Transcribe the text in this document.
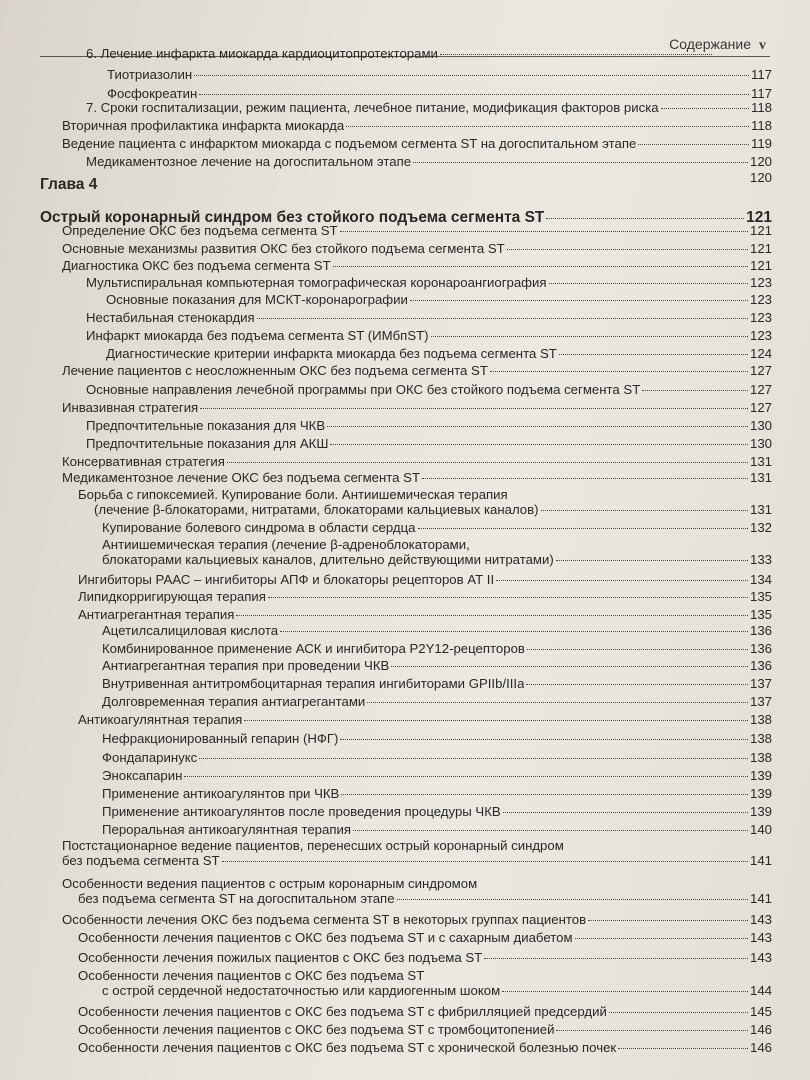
Содержание v
Глава 4
6. Лечение инфаркта миокарда кардиоцитопротекторами
Тиотриазолин	117
Фосфокреатин	117
7. Сроки госпитализации, режим пациента, лечебное питание, модификация факторов риска	118
Вторичная профилактика инфаркта миокарда	118
Ведение пациента с инфарктом миокарда с подъемом сегмента ST на догоспитальном этапе	119
Медикаментозное лечение на догоспитальном этапе	120
120
Острый коронарный синдром без стойкого подъема сегмента ST	121
Определение ОКС без подъема сегмента ST	121
Основные механизмы развития ОКС без стойкого подъема сегмента ST	121
Диагностика ОКС без подъема сегмента ST	121
Мультиспиральная компьютерная томографическая коронароангиография	123
Основные показания для МСКТ-коронарографии	123
Нестабильная стенокардия	123
Инфаркт миокарда без подъема сегмента ST (ИМбпST)	123
Диагностические критерии инфаркта миокарда без подъема сегмента ST	124
Лечение пациентов с неосложненным ОКС без подъема сегмента ST	127
Основные направления лечебной программы при ОКС без стойкого подъема сегмента ST	127
Инвазивная стратегия	127
Предпочтительные показания для ЧКВ	130
Предпочтительные показания для АКШ	130
Консервативная стратегия	131
Медикаментозное лечение ОКС без подъема сегмента ST	131
Борьба с гипоксемией. Купирование боли. Антиишемическая терапия
(лечение β-блокаторами, нитратами, блокаторами кальциевых каналов)	131
Купирование болевого синдрома в области сердца	132
Антиишемическая терапия (лечение β-адреноблокаторами,
блокаторами кальциевых каналов, длительно действующими нитратами)	133
Ингибиторы РААС – ингибиторы АПФ и блокаторы рецепторов АТ II	134
Липидкорригирующая терапия	135
Антиагрегантная терапия	135
Ацетилсалициловая кислота	136
Комбинированное применение АСК и ингибитора P2Y12-рецепторов	136
Антиагрегантная терапия при проведении ЧКВ	136
Внутривенная антитромбоцитарная терапия ингибиторами GPIIb/IIIa	137
Долговременная терапия антиагрегантами	137
Антикоагулянтная терапия	138
Нефракционированный гепарин (НФГ)	138
Фондапаринукс	138
Эноксапарин	139
Применение антикоагулянтов при ЧКВ	139
Применение антикоагулянтов после проведения процедуры ЧКВ	139
Пероральная антикоагулянтная терапия	140
Постстационарное ведение пациентов, перенесших острый коронарный синдром
без подъема сегмента ST	141
Особенности ведения пациентов с острым коронарным синдромом
без подъема сегмента ST на догоспитальном этапе	141
Особенности лечения ОКС без подъема сегмента ST в некоторых группах пациентов	143
Особенности лечения пациентов с ОКС без подъема ST и с сахарным диабетом	143
Особенности лечения пожилых пациентов с ОКС без подъема ST	143
Особенности лечения пациентов с ОКС без подъема ST
с острой сердечной недостаточностью или кардиогенным шоком	144
Особенности лечения пациентов с ОКС без подъема ST с фибрилляцией предсердий	145
Особенности лечения пациентов с ОКС без подъема ST с тромбоцитопенией	146
Особенности лечения пациентов с ОКС без подъема ST с хронической болезнью почек	146
